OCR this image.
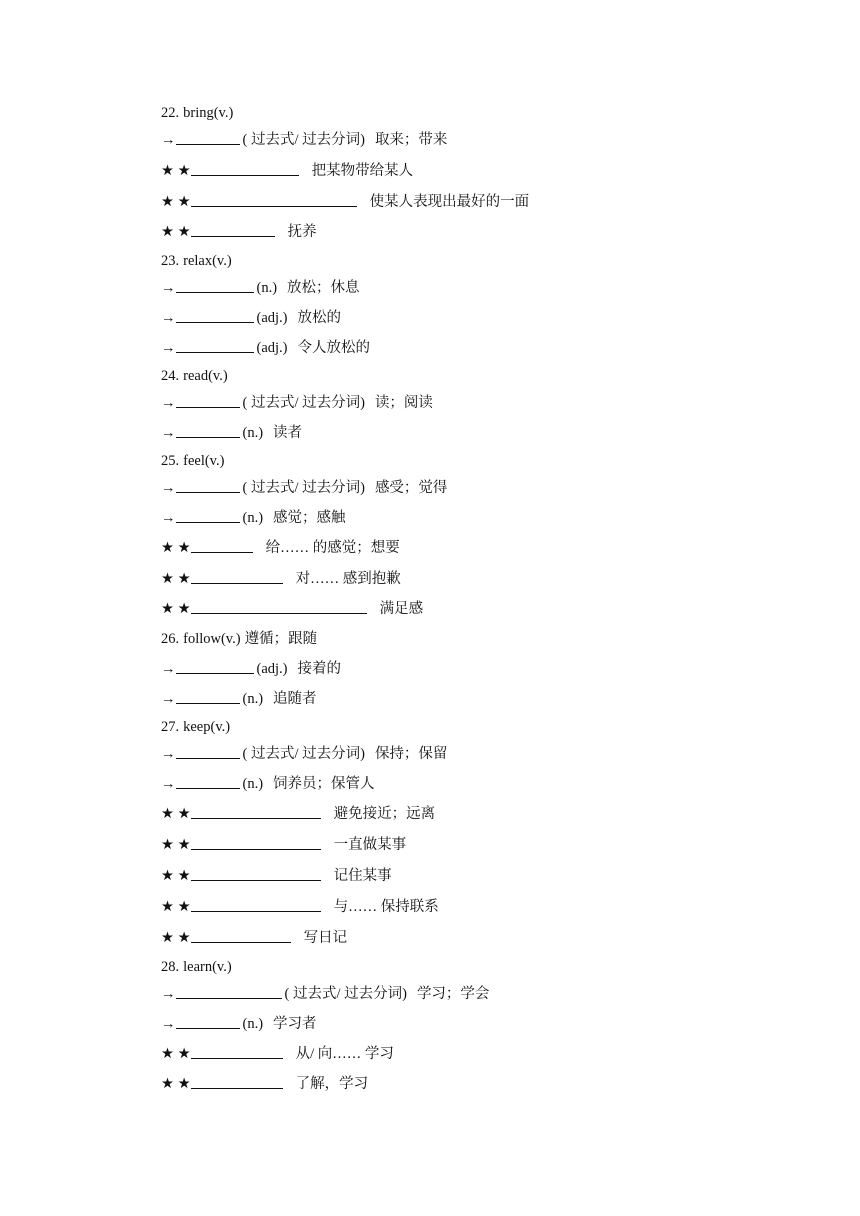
22. bring(v.)
→	( 过去式/ 过去分词) 取来；带来
★ ★	把某物带给某人
★ ★	使某人表现出最好的一面
★ ★	抚养
23. relax(v.)
→	(n.) 放松；休息
→	(adj.) 放松的
→	(adj.) 令人放松的
24. read(v.)
→	( 过去式/ 过去分词) 读；阅读
→	(n.) 读者
25. feel(v.)
→	( 过去式/ 过去分词) 感受；觉得
→	(n.) 感觉；感触
★ ★	给…… 的感觉；想要
★ ★	对…… 感到抱歉
★ ★	满足感
26. follow(v.) 遵循；跟随
→	(adj.) 接着的
→	(n.) 追随者
27. keep(v.)
→	( 过去式/ 过去分词) 保持；保留
→	(n.) 饲养员；保管人
★ ★	避免接近；远离
★ ★	一直做某事
★ ★	记住某事
★ ★	与…… 保持联系
★ ★	写日记
28. learn(v.)
→	( 过去式/ 过去分词) 学习；学会
→	(n.) 学习者
★ ★	从/ 向…… 学习
★ ★	了解，学习
